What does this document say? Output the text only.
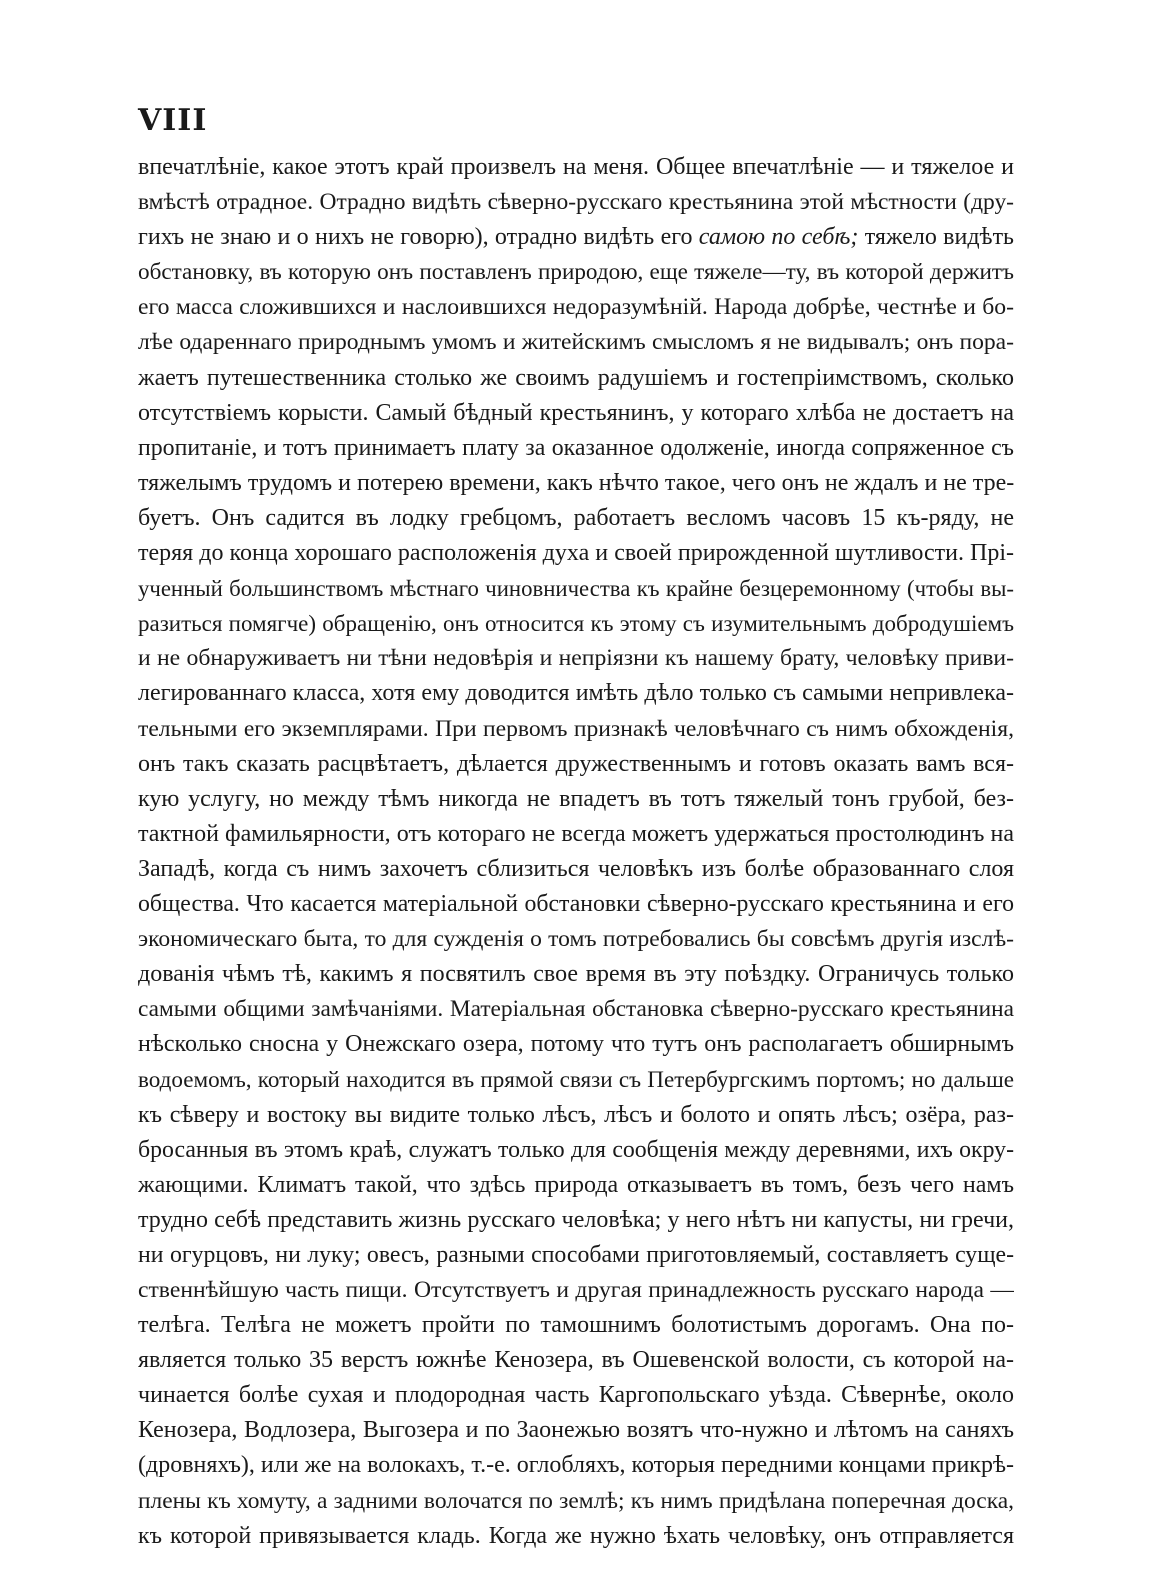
VIII
впечатлѣніе, какое этотъ край произвелъ на меня. Общее впечатлѣніе — и тяжелое и
вмѣстѣ отрадное. Отрадно видѣть сѣверно-русскаго крестьянина этой мѣстности (дру-
гихъ не знаю и о нихъ не говорю), отрадно видѣть его самою по себѣ; тяжело видѣть
обстановку, въ которую онъ поставленъ природою, еще тяжеле—ту, въ которой держитъ
его масса сложившихся и наслоившихся недоразумѣній. Народа добрѣе, честнѣе и бо-
лѣе одареннаго природнымъ умомъ и житейскимъ смысломъ я не видывалъ; онъ пора-
жаетъ путешественника столько же своимъ радушіемъ и гостепріимствомъ, сколько
отсутствіемъ корысти. Самый бѣдный крестьянинъ, у котораго хлѣба не достаетъ на
пропитаніе, и тотъ принимаетъ плату за оказанное одолженіе, иногда сопряженное съ
тяжелымъ трудомъ и потерею времени, какъ нѣчто такое, чего онъ не ждалъ и не тре-
буетъ. Онъ садится въ лодку гребцомъ, работаетъ весломъ часовъ 15 къ-ряду, не
теряя до конца хорошаго расположенія духа и своей прирожденной шутливости. Прі-
ученный большинствомъ мѣстнаго чиновничества къ крайне безцеремонному (чтобы вы-
разиться помягче) обращенію, онъ относится къ этому съ изумительнымъ добродушіемъ
и не обнаруживаетъ ни тѣни недовѣрія и непріязни къ нашему брату, человѣку приви-
легированнаго класса, хотя ему доводится имѣть дѣло только съ самыми непривлека-
тельными его экземплярами. При первомъ признакѣ человѣчнаго съ нимъ обхожденія,
онъ такъ сказать расцвѣтаетъ, дѣлается дружественнымъ и готовъ оказать вамъ вся-
кую услугу, но между тѣмъ никогда не впадетъ въ тотъ тяжелый тонъ грубой, без-
тактной фамильярности, отъ котораго не всегда можетъ удержаться простолюдинъ на
Западѣ, когда съ нимъ захочетъ сблизиться человѣкъ изъ болѣе образованнаго слоя
общества. Что касается матеріальной обстановки сѣверно-русскаго крестьянина и его
экономическаго быта, то для сужденія о томъ потребовались бы совсѣмъ другія изслѣ-
дованія чѣмъ тѣ, какимъ я посвятилъ свое время въ эту поѣздку. Ограничусь только
самыми общими замѣчаніями. Матеріальная обстановка сѣверно-русскаго крестьянина
нѣсколько сносна у Онежскаго озера, потому что тутъ онъ располагаетъ обширнымъ
водоемомъ, который находится въ прямой связи съ Петербургскимъ портомъ; но дальше
къ сѣверу и востоку вы видите только лѣсъ, лѣсъ и болото и опять лѣсъ; озёра, раз-
бросанныя въ этомъ краѣ, служатъ только для сообщенія между деревнями, ихъ окру-
жающими. Климатъ такой, что здѣсь природа отказываетъ въ томъ, безъ чего намъ
трудно себѣ представить жизнь русскаго человѣка; у него нѣтъ ни капусты, ни гречи,
ни огурцовъ, ни луку; овесъ, разными способами приготовляемый, составляетъ суще-
ственнѣйшую часть пищи. Отсутствуетъ и другая принадлежность русскаго народа —
телѣга. Телѣга не можетъ пройти по тамошнимъ болотистымъ дорогамъ. Она по-
является только 35 верстъ южнѣе Кенозера, въ Ошевенской волости, съ которой на-
чинается болѣе сухая и плодородная часть Каргопольскаго уѣзда. Сѣвернѣе, около
Кенозера, Водлозера, Выгозера и по Заонежью возятъ что-нужно и лѣтомъ на саняхъ
(дровняхъ), или же на волокахъ, т.-е. оглобляхъ, которыя передними концами прикрѣ-
плены къ хомуту, а задними волочатся по землѣ; къ нимъ придѣлана поперечная доска,
къ которой привязывается кладь. Когда же нужно ѣхать человѣку, онъ отправляется
